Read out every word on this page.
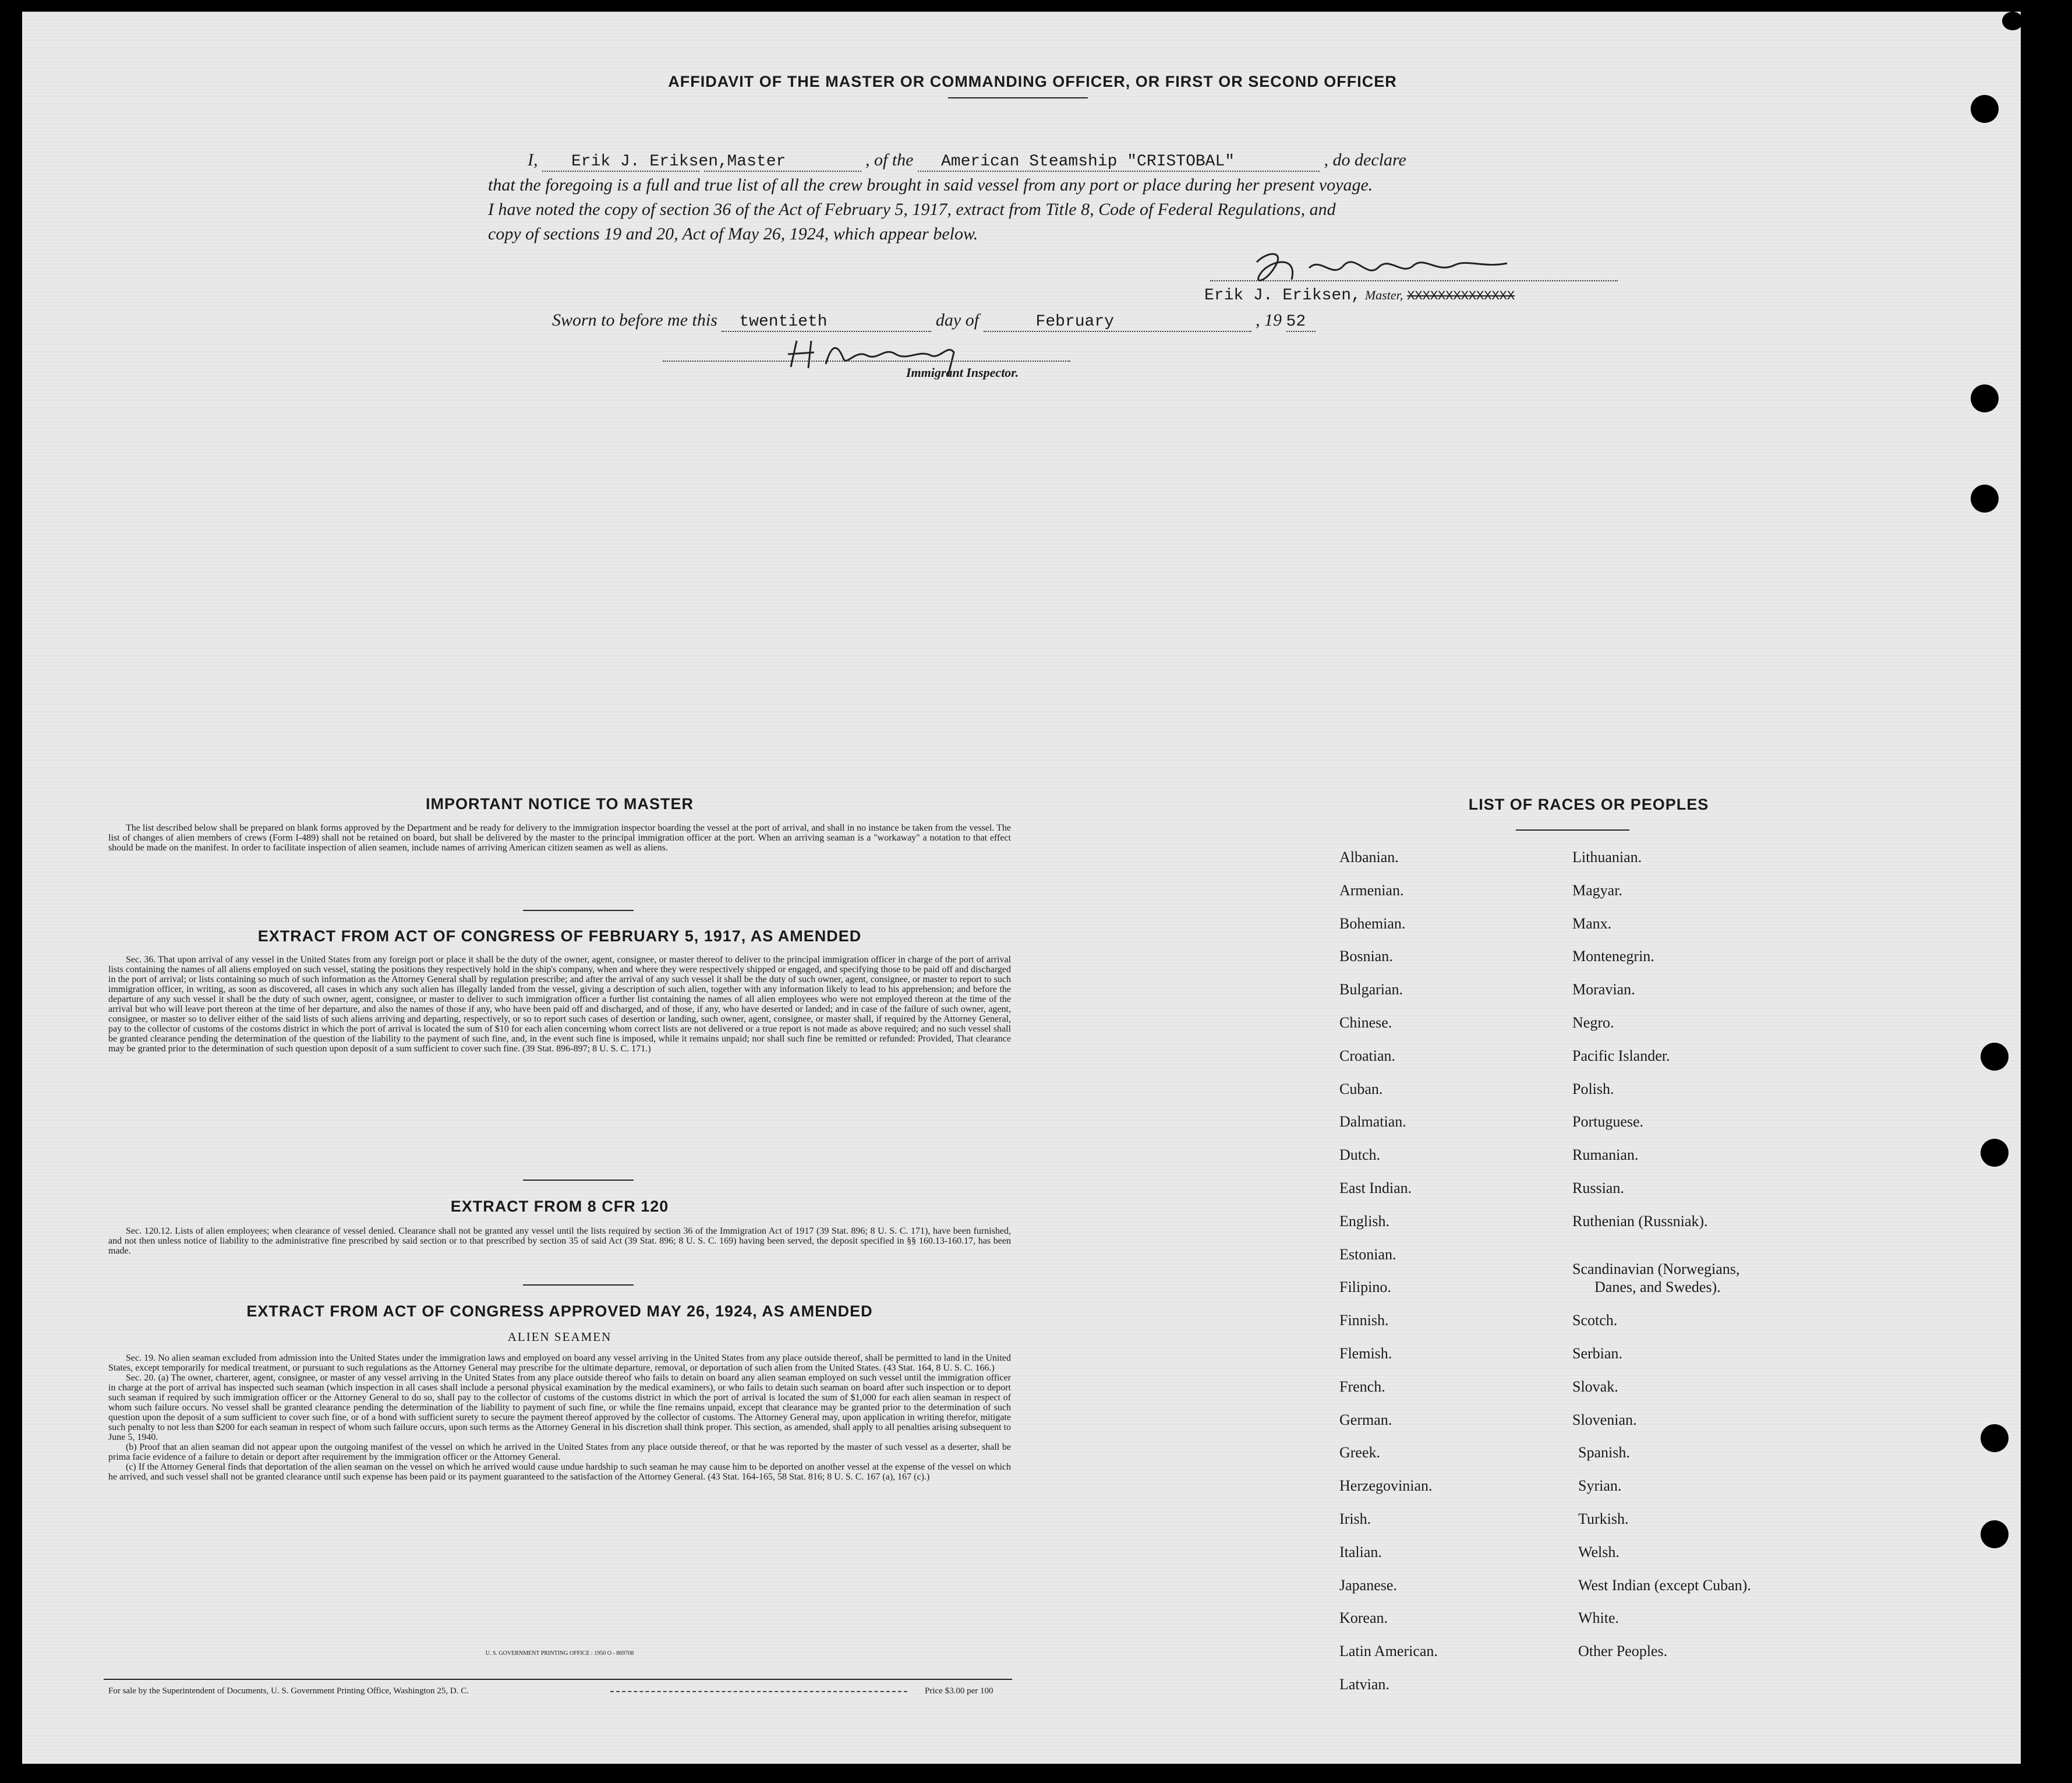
AFFIDAVIT OF THE MASTER OR COMMANDING OFFICER, OR FIRST OR SECOND OFFICER
I, Erik J. Eriksen, Master	, of the American Steamship "CRISTOBAL"	, do declare
that the foregoing is a full and true list of all the crew brought in said vessel from any port or place during her present voyage.
I have noted the copy of section 36 of the Act of February 5, 1917, extract from Title 8, Code of Federal Regulations, and
copy of sections 19 and 20, Act of May 26, 1924, which appear below.
Erik J. Eriksen, Master, XXXXXXXXXXXXXX
Sworn to before me this twentieth	day of	February	, 19 52
Immigrant Inspector.
IMPORTANT NOTICE TO MASTER

The list described below shall be prepared on blank forms approved by the Department and be ready for delivery to the immigration inspector boarding the vessel at the port of arrival, and shall in no instance be taken from the vessel. The list of changes of alien members of crews (Form I-489) shall not be retained on board, but shall be delivered by the master to the principal immigration officer at the port. When an arriving seaman is a "workaway" a notation to that effect should be made on the manifest. In order to facilitate inspection of alien seamen, include names of arriving American citizen seamen as well as aliens.

EXTRACT FROM ACT OF CONGRESS OF FEBRUARY 5, 1917, AS AMENDED

Sec. 36. That upon arrival of any vessel in the United States from any foreign port or place it shall be the duty of the owner, agent, consignee, or master thereof to deliver to the principal immigration officer in charge of the port of arrival lists containing the names of all aliens employed on such vessel, stating the positions they respectively hold in the ship's company, when and where they were respectively shipped or engaged, and specifying those to be paid off and discharged in the port of arrival; or lists containing so much of such information as the Attorney General shall by regulation prescribe; and after the arrival of any such vessel it shall be the duty of such owner, agent, consignee, or master to report to such immigration officer, in writing, as soon as discovered, all cases in which any such alien has illegally landed from the vessel, giving a description of such alien, together with any information likely to lead to his apprehension; and before the departure of any such vessel it shall be the duty of such owner, agent, consignee, or master to deliver to such immigration officer a further list containing the names of all alien employees who were not employed thereon at the time of the arrival but who will leave port thereon at the time of her departure, and also the names of those if any, who have been paid off and discharged, and of those, if any, who have deserted or landed; and in case of the failure of such owner, agent, consignee, or master so to deliver either of the said lists of such aliens arriving and departing, respectively, or so to report such cases of desertion or landing, such owner, agent, consignee, or master shall, if required by the Attorney General, pay to the collector of customs of the costoms district in which the port of arrival is located the sum of $10 for each alien concerning whom correct lists are not delivered or a true report is not made as above required; and no such vessel shall be granted clearance pending the determination of the question of the liability to the payment of such fine, and, in the event such fine is imposed, while it remains unpaid; nor shall such fine be remitted or refunded: Provided, That clearance may be granted prior to the determination of such question upon deposit of a sum sufficient to cover such fine. (39 Stat. 896-897; 8 U. S. C. 171.)

EXTRACT FROM 8 CFR 120

Sec. 120.12. Lists of alien employees; when clearance of vessel denied. Clearance shall not be granted any vessel until the lists required by section 36 of the Immigration Act of 1917 (39 Stat. 896; 8 U. S. C. 171), have been furnished, and not then unless notice of liability to the administrative fine prescribed by said section or to that prescribed by section 35 of said Act (39 Stat. 896; 8 U. S. C. 169) having been served, the deposit specified in §§ 160.13-160.17, has been made.

EXTRACT FROM ACT OF CONGRESS APPROVED MAY 26, 1924, AS AMENDED
ALIEN SEAMEN

Sec. 19. No alien seaman excluded from admission into the United States under the immigration laws and employed on board any vessel arriving in the United States from any place outside thereof, shall be permitted to land in the United States, except temporarily for medical treatment, or pursuant to such regulations as the Attorney General may prescribe for the ultimate departure, removal, or deportation of such alien from the United States. (43 Stat. 164, 8 U. S. C. 166.)

Sec. 20. (a) The owner, charterer, agent, consignee, or master of any vessel arriving in the United States from any place outside thereof who fails to detain on board any alien seaman employed on such vessel until the immigration officer in charge at the port of arrival has inspected such seaman (which inspection in all cases shall include a personal physical examination by the medical examiners), or who fails to detain such seaman on board after such inspection or to deport such seaman if required by such immigration officer or the Attorney General to do so, shall pay to the collector of customs of the customs district in which the port of arrival is located the sum of $1,000 for each alien seaman in respect of whom such failure occurs. No vessel shall be granted clearance pending the determination of the liability to payment of such fine, or while the fine remains unpaid, except that clearance may be granted prior to the determination of such question upon the deposit of a sum sufficient to cover such fine, or of a bond with sufficient surety to secure the payment thereof approved by the collector of customs. The Attorney General may, upon application in writing therefor, mitigate such penalty to not less than $200 for each seaman in respect of whom such failure occurs, upon such terms as the Attorney General in his discretion shall think proper. This section, as amended, shall apply to all penalties arising subsequent to June 5, 1940.

(b) Proof that an alien seaman did not appear upon the outgoing manifest of the vessel on which he arrived in the United States from any place outside thereof, or that he was reported by the master of such vessel as a deserter, shall be prima facie evidence of a failure to detain or deport after requirement by the immigration officer or the Attorney General.

(c) If the Attorney General finds that deportation of the alien seaman on the vessel on which he arrived would cause undue hardship to such seaman he may cause him to be deported on another vessel at the expense of the vessel on which he arrived, and such vessel shall not be granted clearance until such expense has been paid or its payment guaranteed to the satisfaction of the Attorney General. (43 Stat. 164-165, 58 Stat. 816; 8 U. S. C. 167 (a), 167 (c).)

U. S. GOVERNMENT PRINTING OFFICE : 1950 O - 869708
For sale by the Superintendent of Documents, U. S. Government Printing Office, Washington 25, D. C.	Price $3.00 per 100
LIST OF RACES OR PEOPLES
Albanian.
Armenian.
Bohemian.
Bosnian.
Bulgarian.
Chinese.
Croatian.
Cuban.
Dalmatian.
Dutch.
East Indian.
English.
Estonian.
Filipino.
Finnish.
Flemish.
French.
German.
Greek.
Herzegovinian.
Irish.
Italian.
Japanese.
Korean.
Latin American.
Latvian.
Lithuanian.
Magyar.
Manx.
Montenegrin.
Moravian.
Negro.
Pacific Islander.
Polish.
Portuguese.
Rumanian.
Russian.
Ruthenian (Russniak).
Scandinavian (Norwegians,
Danes, and Swedes).
Scotch.
Serbian.
Slovak.
Slovenian.
Spanish.
Syrian.
Turkish.
Welsh.
West Indian (except Cuban).
White.
Other Peoples.
